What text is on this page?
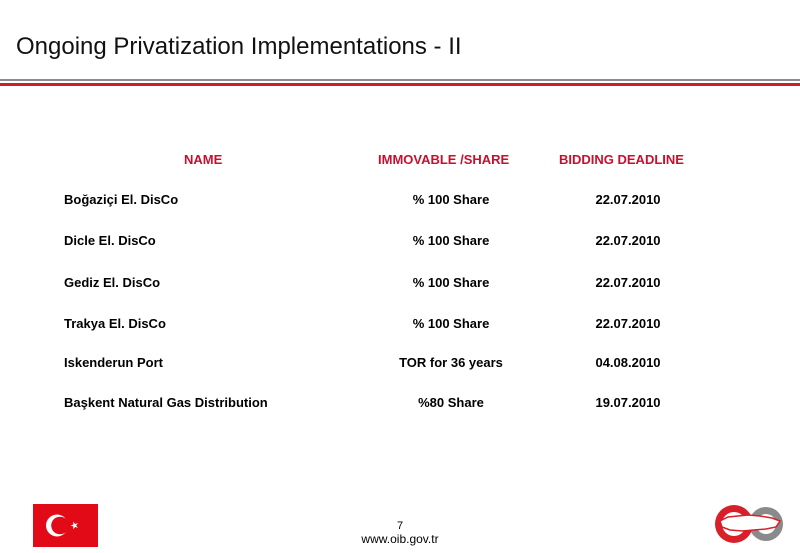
Ongoing Privatization Implementations - II
NAME	IMMOVABLE /SHARE	BIDDING DEADLINE
Boğaziçi El. DisCo	% 100 Share	22.07.2010
Dicle El. DisCo	% 100 Share	22.07.2010
Gediz El. DisCo	% 100 Share	22.07.2010
Trakya El. DisCo	% 100 Share	22.07.2010
Iskenderun Port	TOR for 36 years	04.08.2010
Başkent Natural Gas Distribution	%80 Share	19.07.2010
7
www.oib.gov.tr
